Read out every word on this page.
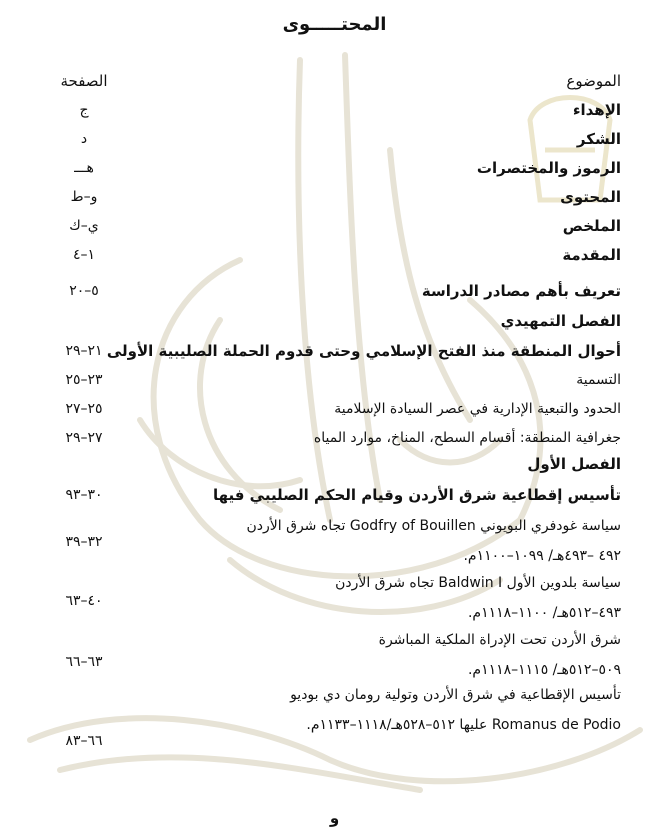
المحتـــــوى
الموضوع
الصفحة
الإهداء
ج
الشكر
د
الرموز والمختصرات
هـــ
المحتوى
و–ط
الملخص
ي–ك
المقدمة
١–٤
تعريف بأهم مصادر الدراسة
٥–٢٠
الفصل التمهيدي
أحوال المنطقة منذ الفتح الإسلامي وحتى قدوم الحملة الصليبية الأولى
٢١–٢٩
التسمية
٢٣–٢٥
الحدود والتبعية الإدارية في عصر السيادة الإسلامية
٢٥–٢٧
جغرافية المنطقة: أقسام السطح، المناخ، موارد المياه
٢٧–٢٩
الفصل الأول
تأسيس إقطاعية شرق الأردن وقيام الحكم الصليبي فيها
٣٠–٩٣
سياسة غودفري البويوني Godfry of Bouillen تجاه شرق الأردن
٣٢–٣٩
٤٩٢ –٤٩٣هـ/ ١٠٩٩–١١٠٠م.
سياسة بلدوين الأول Baldwin I تجاه شرق الأردن
٤٠–٦٣
٤٩٣–٥١٢هـ/ ١١٠٠–١١١٨م.
شرق الأردن تحت الإدراة الملكية المباشرة
٦٣–٦٦	٥٠٩–٥١٢هـ/ ١١١٥–١١١٨م.
تأسيس الإقطاعية في شرق الأردن وتولية رومان دي بوديو
Romanus de Podio عليها ٥١٢–٥٢٨هـ/١١١٨–١١٣٣م.
٦٦–٨٣
و
